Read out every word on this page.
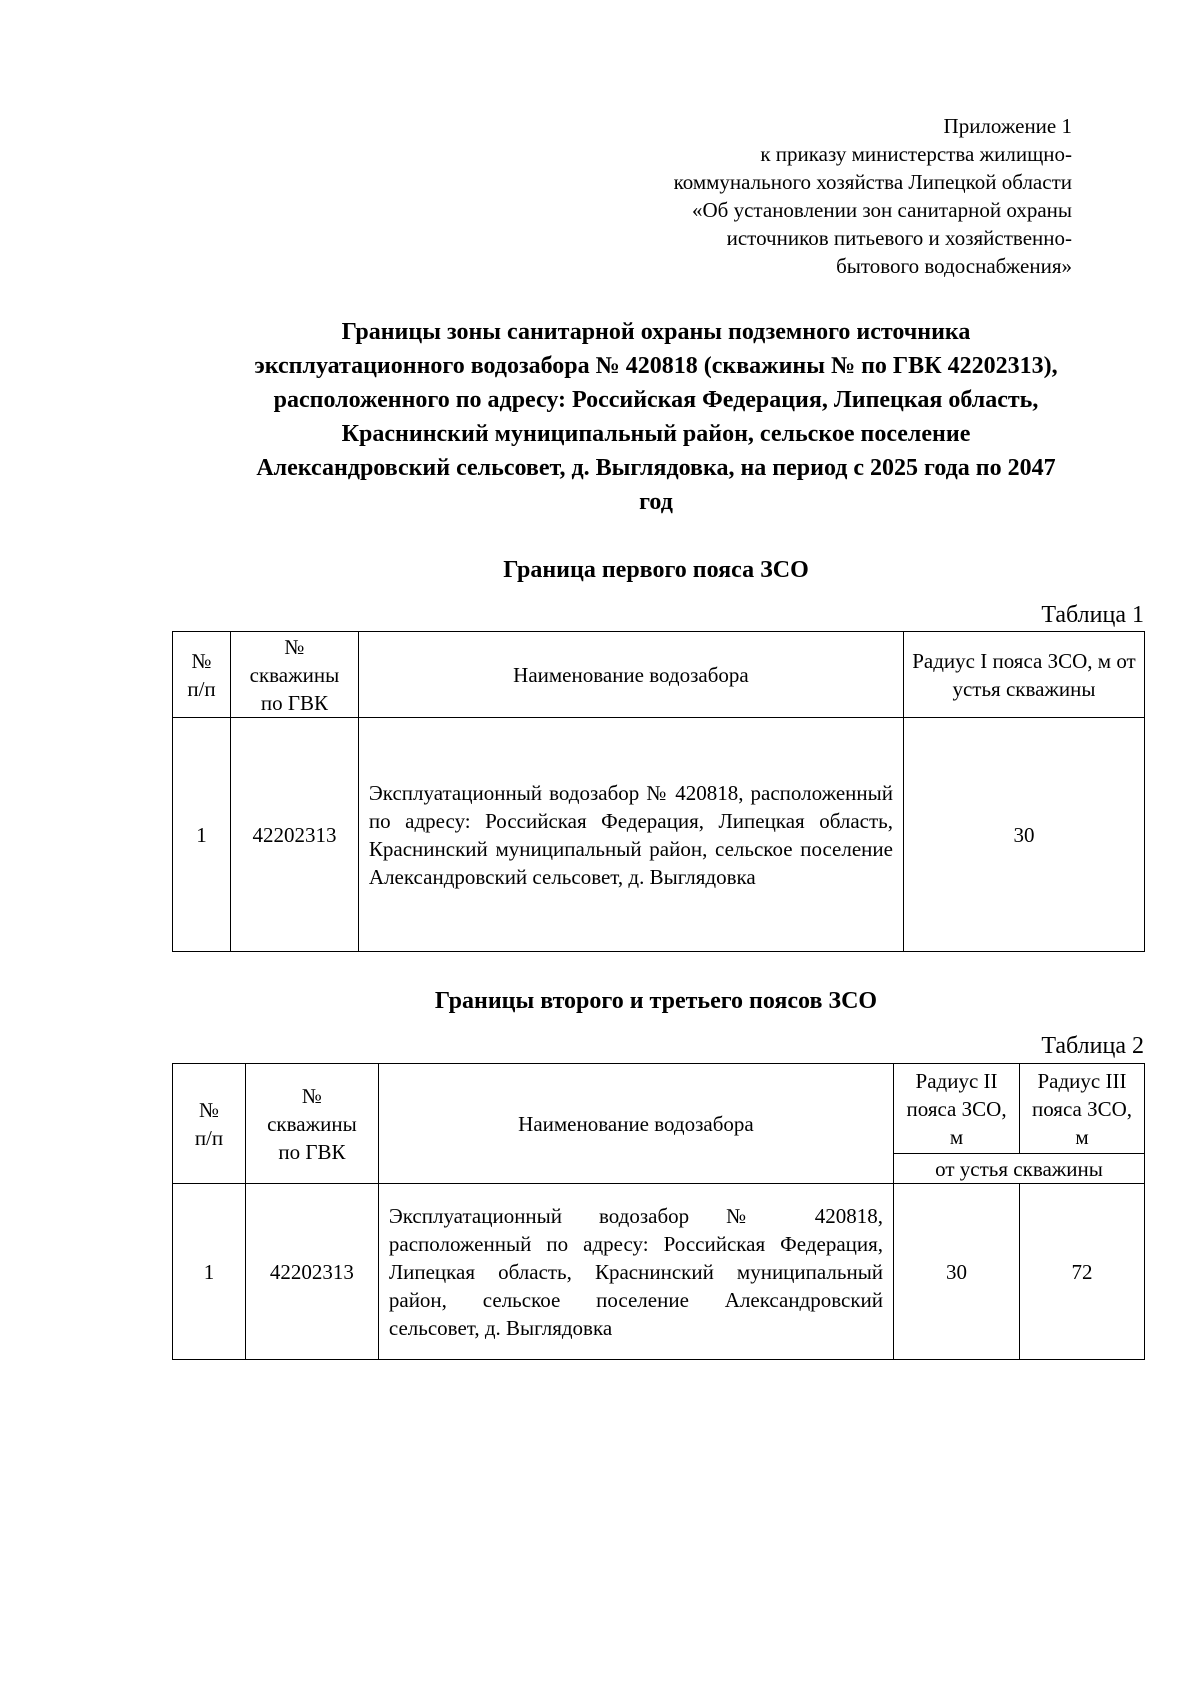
Приложение 1
к приказу министерства жилищно-
коммунального хозяйства Липецкой области
«Об установлении зон санитарной охраны
источников питьевого и хозяйственно-
бытового водоснабжения»
Границы зоны санитарной охраны подземного источника
эксплуатационного водозабора № 420818 (скважины № по ГВК 42202313),
расположенного по адресу: Российская Федерация, Липецкая область,
Краснинский муниципальный район, сельское поселение
Александровский сельсовет, д. Выглядовка, на период с 2025 года по 2047
год
Граница первого пояса ЗСО
Таблица 1
№ п/п	№ скважины по ГВК	Наименование водозабора	Радиус I пояса ЗСО, м от устья скважины
1	42202313	Эксплуатационный водозабор № 420818, расположенный по адресу: Российская Федерация, Липецкая область, Краснинский муниципальный район, сельское поселение Александровский сельсовет, д. Выглядовка	30
Границы второго и третьего поясов ЗСО
Таблица 2
№ п/п	№ скважины по ГВК	Наименование водозабора	Радиус II пояса ЗСО, м	Радиус III пояса ЗСО, м
			от устья скважины	
1	42202313	Эксплуатационный водозабор № 420818, расположенный по адресу: Российская Федерация, Липецкая область, Краснинский муниципальный район, сельское поселение Александровский сельсовет, д. Выглядовка	30	72
